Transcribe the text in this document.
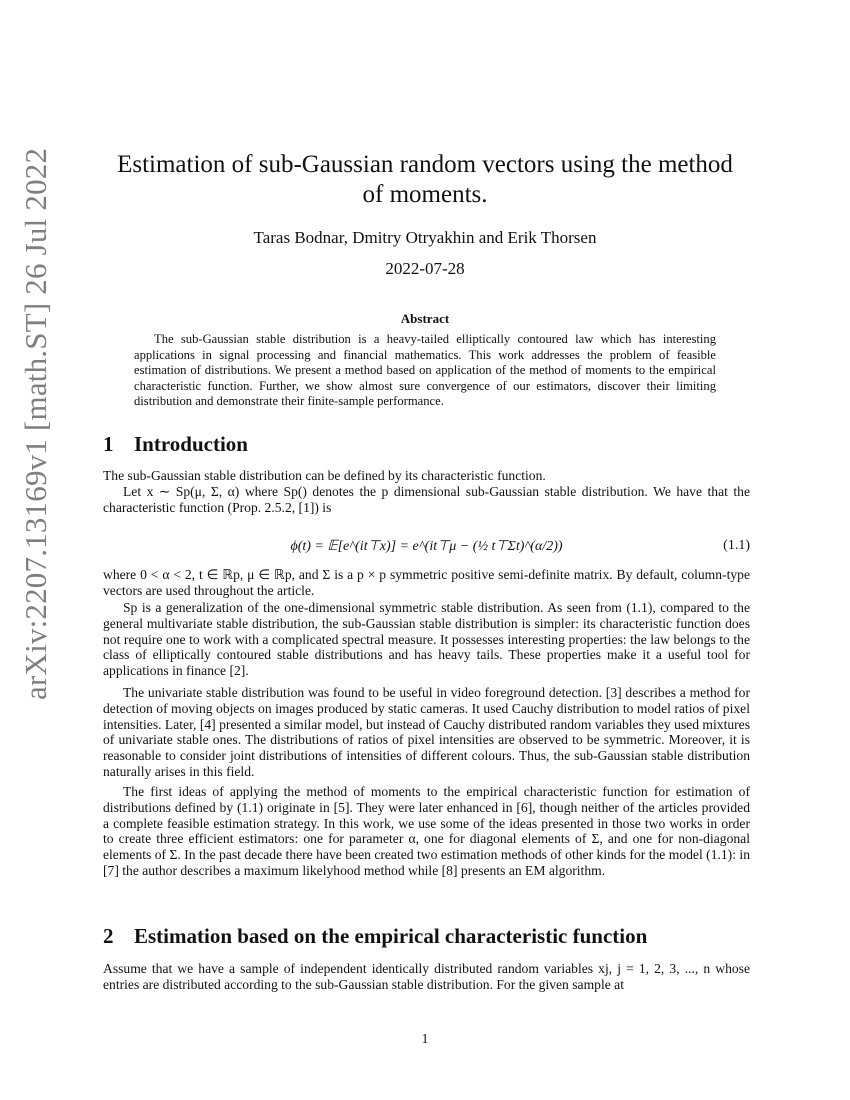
arXiv:2207.13169v1 [math.ST] 26 Jul 2022	Estimation of sub-Gaussian random vectors using the method of moments.
Taras Bodnar, Dmitry Otryakhin and Erik Thorsen
2022-07-28
Abstract

The sub-Gaussian stable distribution is a heavy-tailed elliptically contoured law which has interesting applications in signal processing and financial mathematics. This work addresses the problem of feasible estimation of distributions. We present a method based on application of the method of moments to the empirical characteristic function. Further, we show almost sure convergence of our estimators, discover their limiting distribution and demonstrate their finite-sample performance.

1 Introduction

The sub-Gaussian stable distribution can be defined by its characteristic function.

Let x ∼ Sp(μ, Σ, α) where Sp() denotes the p dimensional sub-Gaussian stable distribution. We have that the characteristic function (Prop. 2.5.2, [1]) is

ϕ(t) = 𝔼[e^(it⊤x)] = e^(it⊤μ − (½ t⊤Σt)^(α/2))	(1.1)

where 0 < α < 2, t ∈ ℝp, μ ∈ ℝp, and Σ is a p × p symmetric positive semi-definite matrix. By default, column-type vectors are used throughout the article.

Sp is a generalization of the one-dimensional symmetric stable distribution. As seen from (1.1), compared to the general multivariate stable distribution, the sub-Gaussian stable distribution is simpler: its characteristic function does not require one to work with a complicated spectral measure. It possesses interesting properties: the law belongs to the class of elliptically contoured stable distributions and has heavy tails. These properties make it a useful tool for applications in finance [2].

The univariate stable distribution was found to be useful in video foreground detection. [3] describes a method for detection of moving objects on images produced by static cameras. It used Cauchy distribution to model ratios of pixel intensities. Later, [4] presented a similar model, but instead of Cauchy distributed random variables they used mixtures of univariate stable ones. The distributions of ratios of pixel intensities are observed to be symmetric. Moreover, it is reasonable to consider joint distributions of intensities of different colours. Thus, the sub-Gaussian stable distribution naturally arises in this field.

The first ideas of applying the method of moments to the empirical characteristic function for estimation of distributions defined by (1.1) originate in [5]. They were later enhanced in [6], though neither of the articles provided a complete feasible estimation strategy. In this work, we use some of the ideas presented in those two works in order to create three efficient estimators: one for parameter α, one for diagonal elements of Σ, and one for non-diagonal elements of Σ. In the past decade there have been created two estimation methods of other kinds for the model (1.1): in [7] the author describes a maximum likelyhood method while [8] presents an EM algorithm.

2 Estimation based on the empirical characteristic function

Assume that we have a sample of independent identically distributed random variables xj, j = 1, 2, 3, ..., n whose entries are distributed according to the sub-Gaussian stable distribution. For the given sample at

1
